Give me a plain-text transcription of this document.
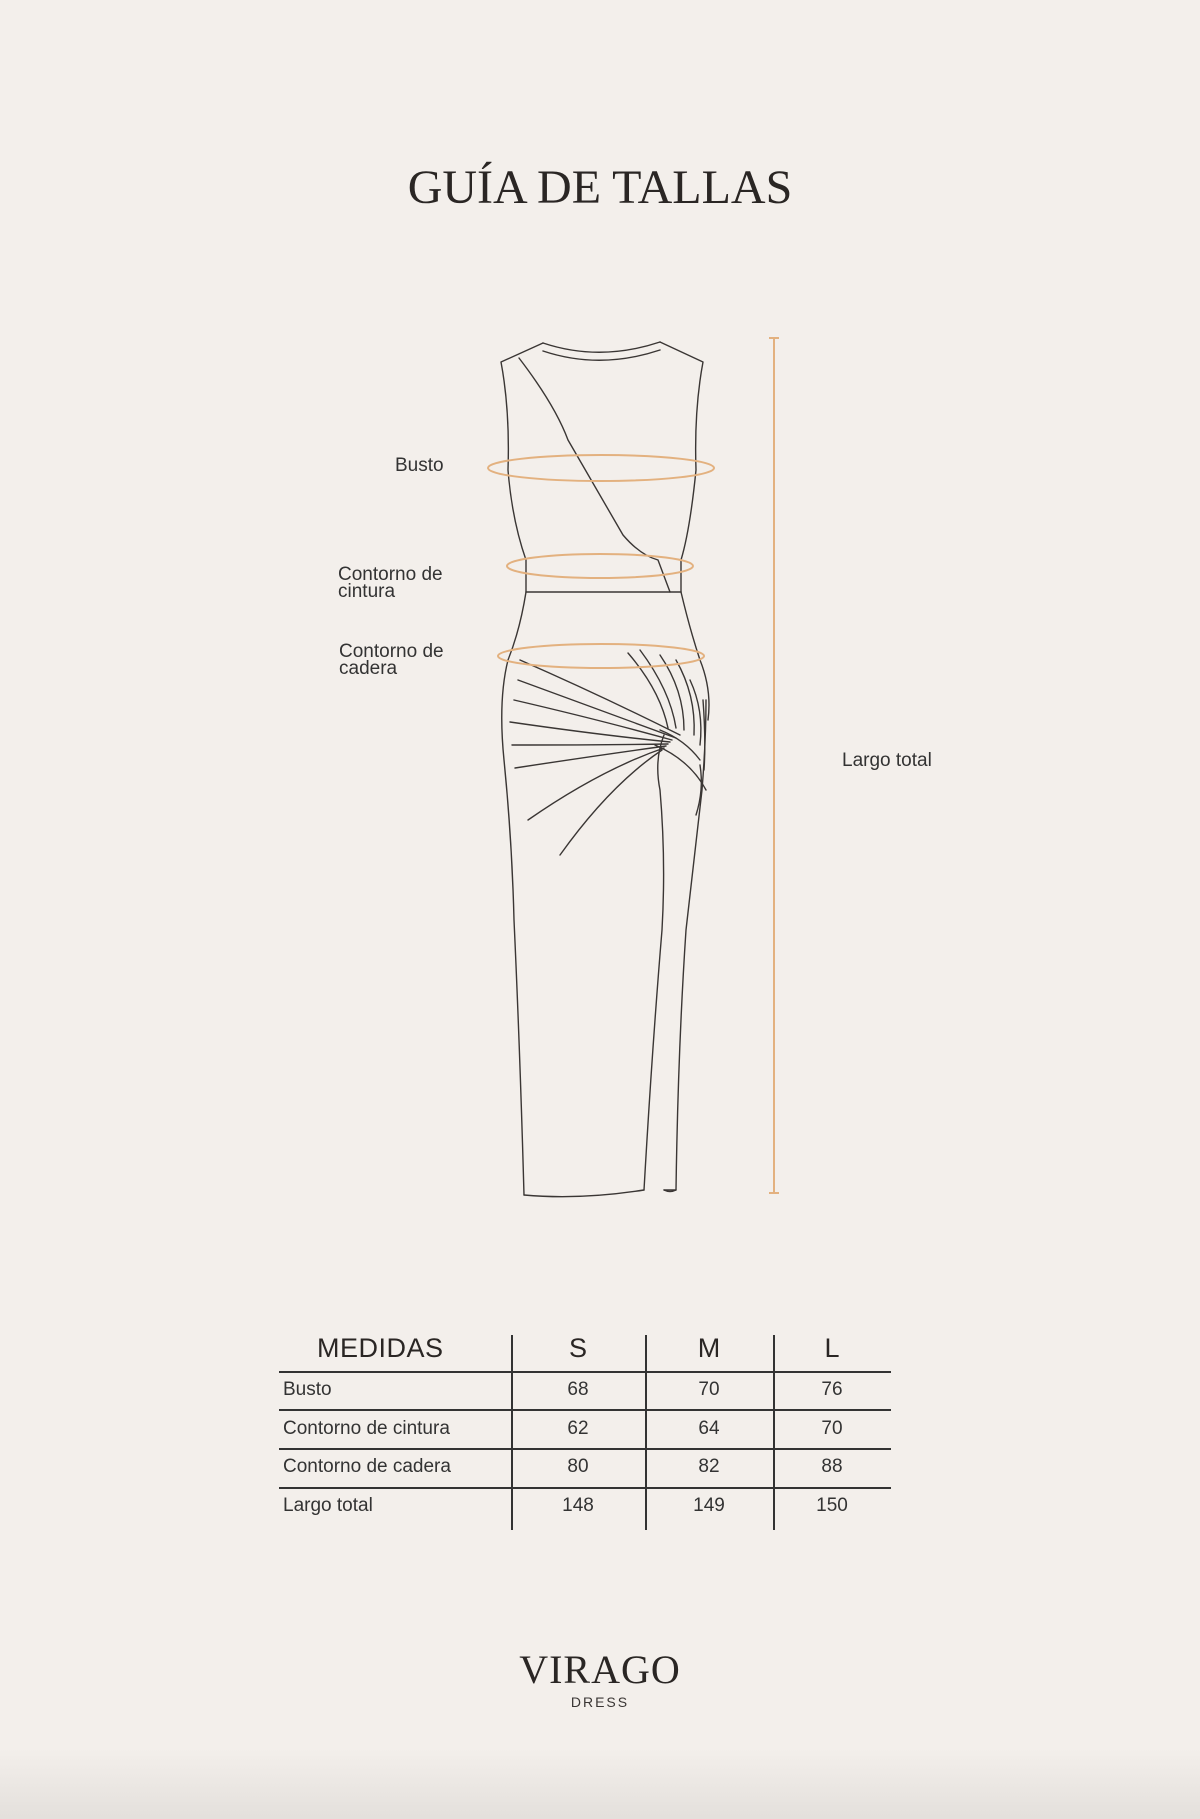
GUÍA DE TALLAS
Busto
Contorno de
cintura
Contorno de
cadera
Largo total
MEDIDAS	S	M	L
Busto	68	70	76
Contorno de cintura	62	64	70
Contorno de cadera	80	82	88
Largo total	148	149	150
VIRAGO
DRESS
